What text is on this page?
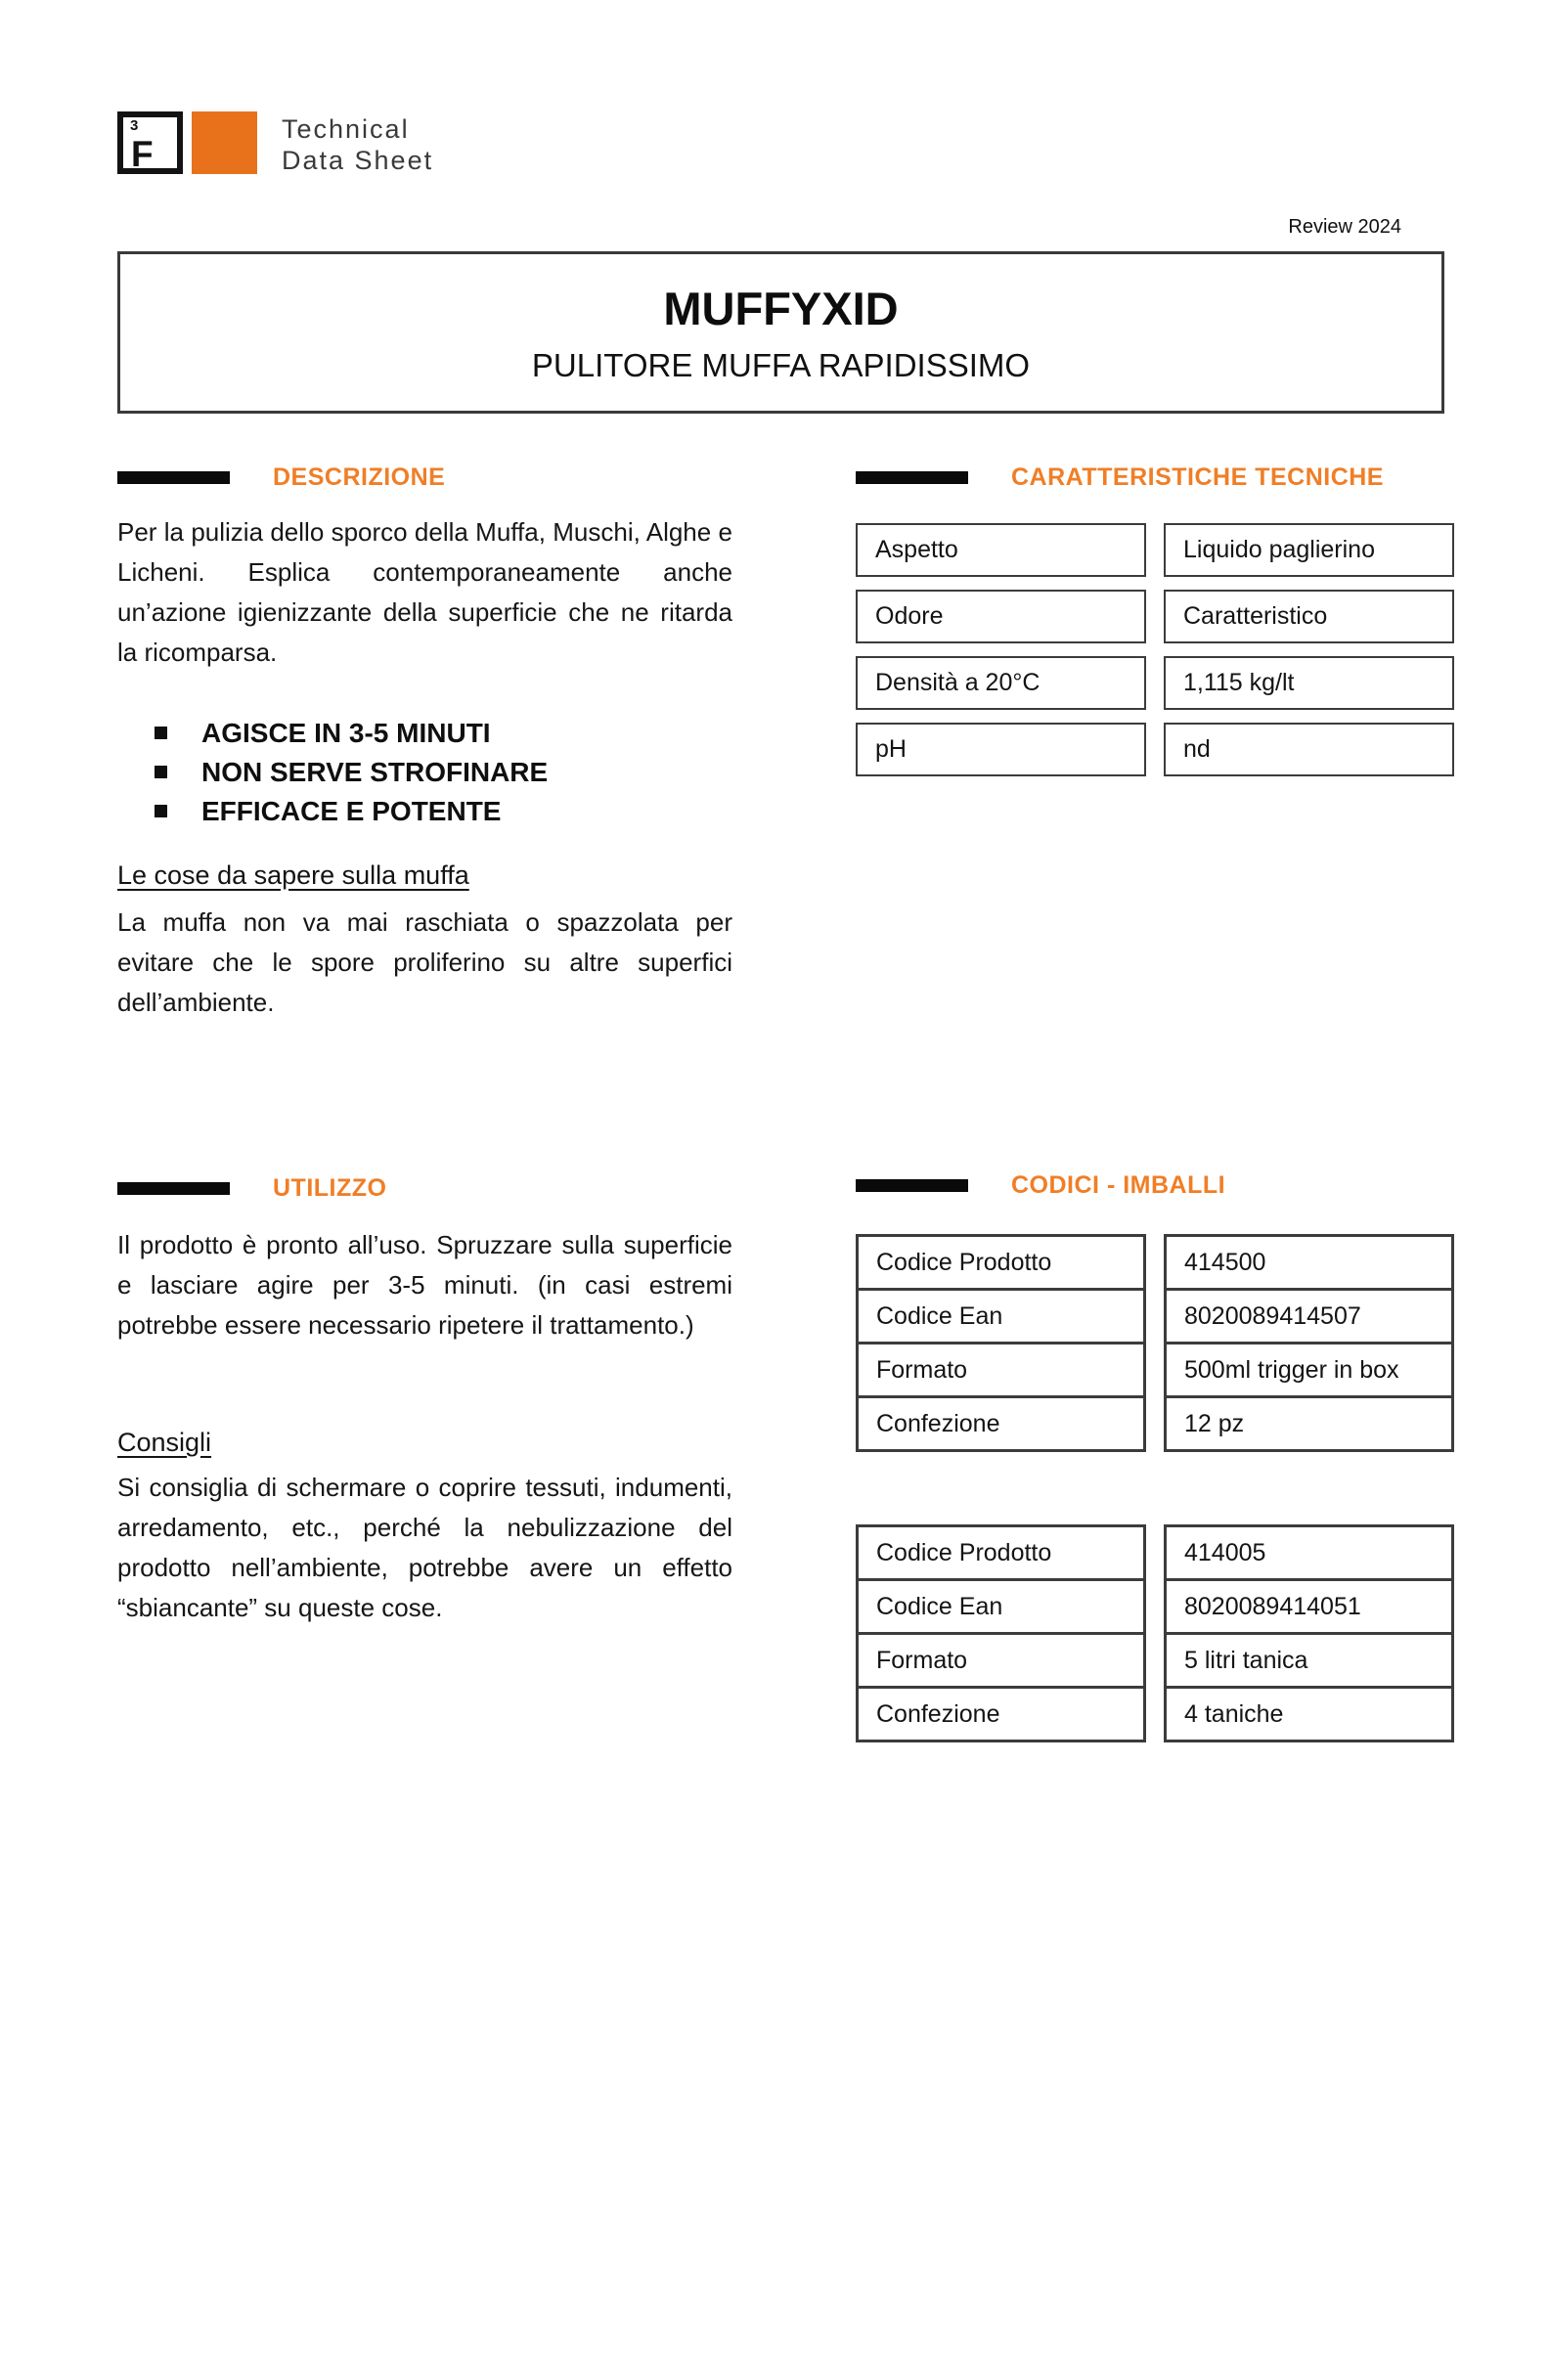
3
F
Technical
Data Sheet
Review 2024
MUFFYXID
PULITORE MUFFA RAPIDISSIMO
DESCRIZIONE
Per la pulizia dello sporco della Muffa, Muschi, Alghe e Licheni. Esplica contemporaneamente anche un’azione igienizzante della superficie che ne ritarda la ricomparsa.
AGISCE IN 3-5 MINUTI
NON SERVE STROFINARE
EFFICACE E POTENTE
Le cose da sapere sulla muffa
La muffa non va mai raschiata o spazzolata per evitare che le spore proliferino su altre superfici dell’ambiente.
CARATTERISTICHE TECNICHE
Aspetto	Liquido paglierino
Odore	Caratteristico
Densità a 20°C	1,115 kg/lt
pH	nd
UTILIZZO
Il prodotto è pronto all’uso. Spruzzare sulla superficie e lasciare agire per 3-5 minuti. (in casi estremi potrebbe essere necessario ripetere il trattamento.)
Consigli
Si consiglia di schermare o coprire tessuti, indumenti, arredamento, etc., perché la nebulizzazione del prodotto nell’ambiente, potrebbe avere un effetto “sbiancante” su queste cose.
CODICI - IMBALLI
Codice Prodotto	414500
Codice Ean	8020089414507
Formato	500ml trigger in box
Confezione	12 pz
Codice Prodotto	414005
Codice Ean	8020089414051
Formato	5 litri tanica
Confezione	4 taniche
